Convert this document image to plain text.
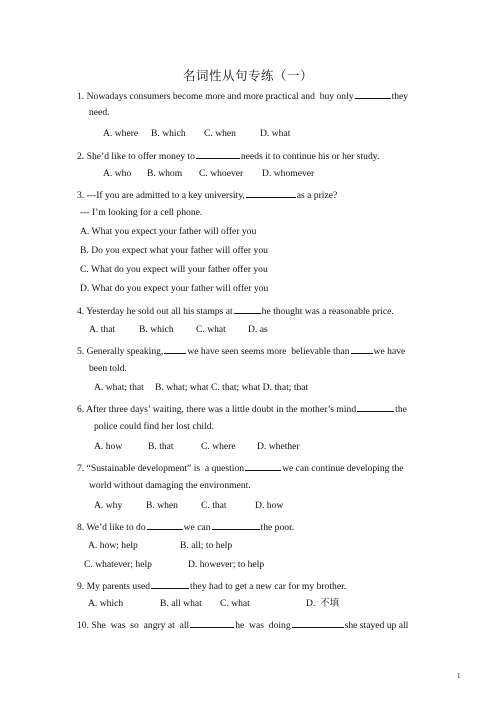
名词性从句专练（一）
1. Nowadays consumers become more and more practical and  buy only	they
need.
A. where B. which C. when	D. what
2. She’d like to offer money to	needs it to continue his or her study.
A. who B. whom C. whoever D. whomever
3. ---If you are admitted to a key university,	as a prize?
--- I’m looking for a cell phone.
A. What you expect your father will offer you
B. Do you expect what your father will offer you
C. What do you expect will your father offer you
D. What do you expect your father will offer you
4. Yesterday he sold out all his stamps at	he thought was a reasonable price.
A. that B. which C. what D. as
5. Generally speaking,	we have seen seems more  believable than	we have
been told.
A. what; that B. what; what C. that; what D. that; that
6. After three days’ waiting, there was a little doubt in the mother’s mind	the
police could find her lost child.
A. how	B. that	C. where D. whether
7. “Sustainable development” is  a question	we can continue developing the
world without damaging the environment.
A. why B. when C. that	D. how
8. We’d like to do	we can	the poor.
A. how; help	B. all; to help
C. whatever; help	D. however; to help
9. My parents used	they had to get a new car for my brother.
A. which	B. all what C. what	D.  不填
10. She  was  so  angry at  all	he  was  doing	she stayed up all
1
